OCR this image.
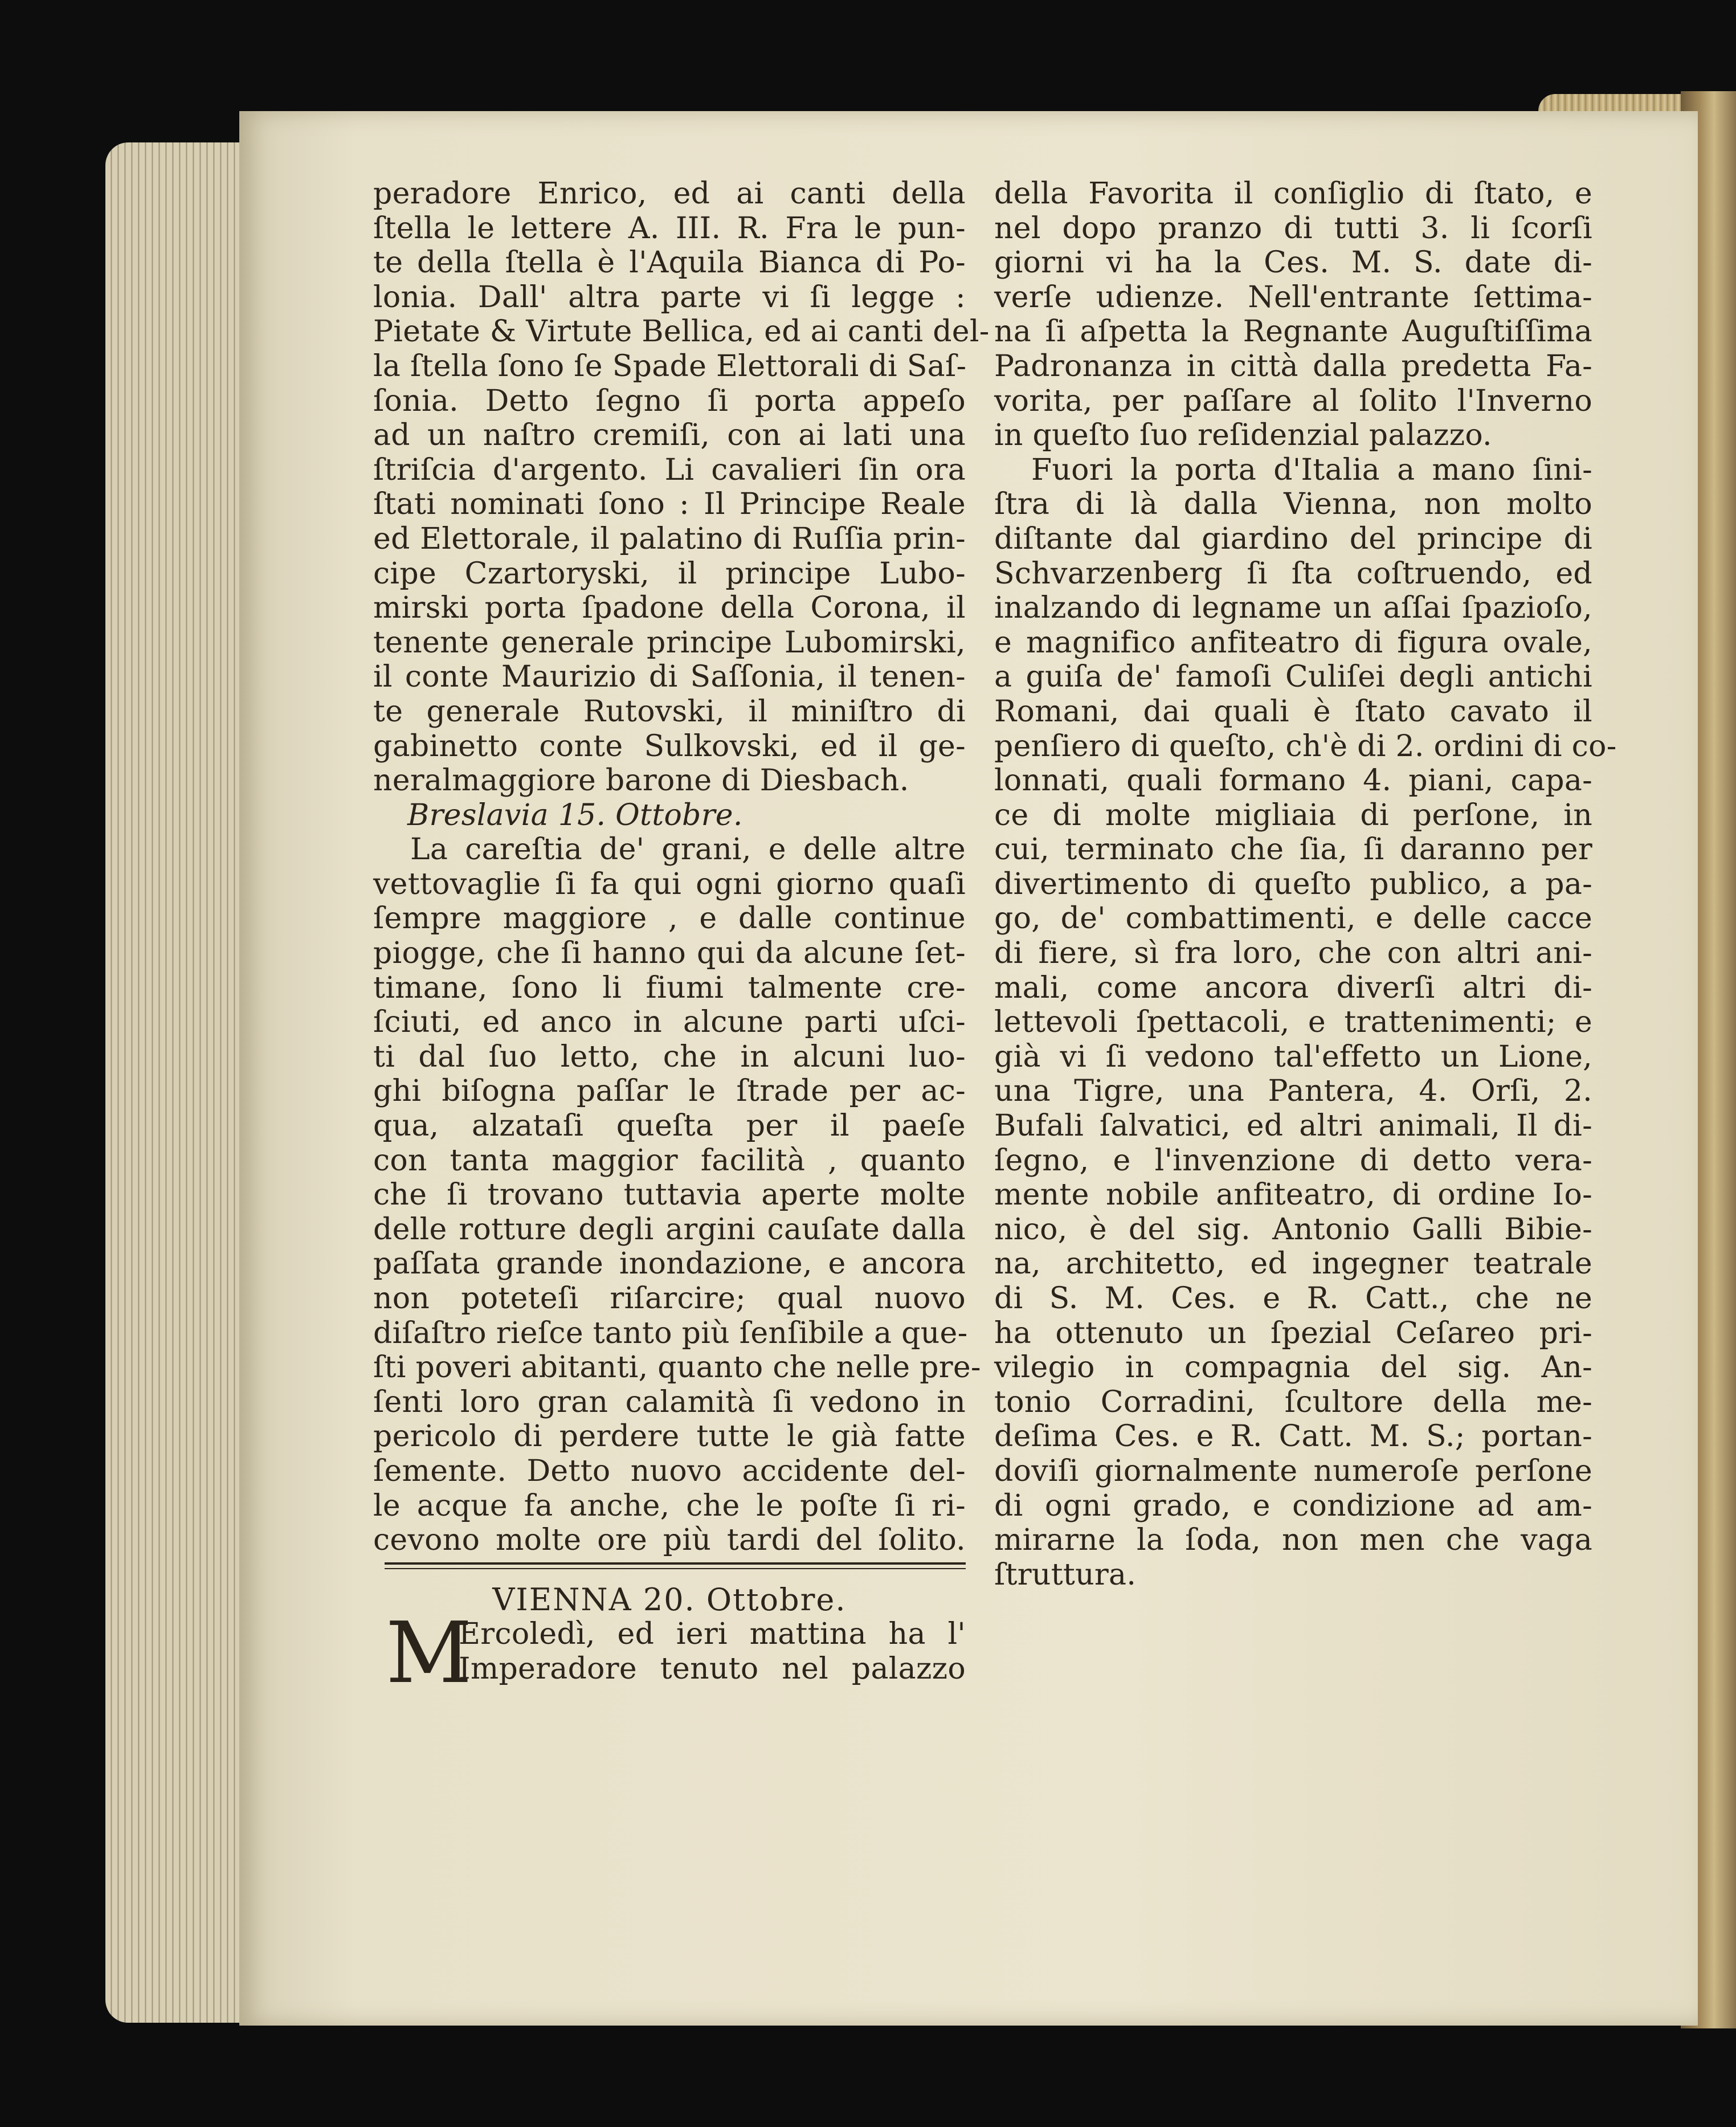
peradore Enrico, ed ai canti della
ſtella le lettere A. III. R. Fra le pun-
te della ſtella è l'Aquila Bianca di Po-
lonia. Dall' altra parte vi ſi legge :
Pietate & Virtute Bellica, ed ai canti del-
la ſtella ſono ſe Spade Elettorali di Saſ-
ſonia. Detto ſegno ſi porta appeſo
ad un naſtro cremiſi, con ai lati una
ſtriſcia d'argento. Li cavalieri ſin ora
ſtati nominati ſono : Il Principe Reale
ed Elettorale, il palatino di Ruſſia prin-
cipe Czartoryski, il principe Lubo-
mirski porta ſpadone della Corona, il
tenente generale principe Lubomirski,
il conte Maurizio di Saſſonia, il tenen-
te generale Rutovski, il miniſtro di
gabinetto conte Sulkovski, ed il ge-
neralmaggiore barone di Diesbach.
Breslavia 15. Ottobre.
La careſtia de' grani, e delle altre
vettovaglie ſi fa qui ogni giorno quaſi
ſempre maggiore , e dalle continue
piogge, che ſi hanno qui da alcune ſet-
timane, ſono li fiumi talmente cre-
ſciuti, ed anco in alcune parti uſci-
ti dal ſuo letto, che in alcuni luo-
ghi biſogna paſſar le ſtrade per ac-
qua, alzataſi queſta per il paeſe
con tanta maggior facilità , quanto
che ſi trovano tuttavia aperte molte
delle rotture degli argini cauſate dalla
paſſata grande inondazione, e ancora
non poteteſi riſarcire; qual nuovo
diſaſtro rieſce tanto più ſenſibile a que-
ſti poveri abitanti, quanto che nelle pre-
ſenti loro gran calamità ſi vedono in
pericolo di perdere tutte le già fatte
ſemente. Detto nuovo accidente del-
le acque fa anche, che le poſte ſi ri-
cevono molte ore più tardi del ſolito.
VIENNA 20. Ottobre.
M
Ercoledì, ed ieri mattina ha l'
Imperadore tenuto nel palazzo
della Favorita il conſiglio di ſtato, e
nel dopo pranzo di tutti 3. li ſcorſi
giorni vi ha la Ces. M. S. date di-
verſe udienze. Nell'entrante ſettima-
na ſi aſpetta la Regnante Auguſtiſſima
Padronanza in città dalla predetta Fa-
vorita, per paſſare al ſolito l'Inverno
in queſto ſuo reſidenzial palazzo.
Fuori la porta d'Italia a mano ſini-
ſtra di là dalla Vienna, non molto
diſtante dal giardino del principe di
Schvarzenberg ſi ſta coſtruendo, ed
inalzando di legname un aſſai ſpazioſo,
e magnifico anfiteatro di figura ovale,
a guiſa de' famoſi Culiſei degli antichi
Romani, dai quali è ſtato cavato il
penſiero di queſto, ch'è di 2. ordini di co-
lonnati, quali formano 4. piani, capa-
ce di molte migliaia di perſone, in
cui, terminato che ſia, ſi daranno per
divertimento di queſto publico, a pa-
go, de' combattimenti, e delle cacce
di fiere, sì fra loro, che con altri ani-
mali, come ancora diverſi altri di-
lettevoli ſpettacoli, e trattenimenti; e
già vi ſi vedono tal'effetto un Lione,
una Tigre, una Pantera, 4. Orſi, 2.
Bufali ſalvatici, ed altri animali, Il di-
ſegno, e l'invenzione di detto vera-
mente nobile anfiteatro, di ordine Io-
nico, è del sig. Antonio Galli Bibie-
na, architetto, ed ingegner teatrale
di S. M. Ces. e R. Catt., che ne
ha ottenuto un ſpezial Ceſareo pri-
vilegio in compagnia del sig. An-
tonio Corradini, ſcultore della me-
deſima Ces. e R. Catt. M. S.; portan-
doviſi giornalmente numeroſe perſone
di ogni grado, e condizione ad am-
mirarne la ſoda, non men che vaga
ſtruttura.
